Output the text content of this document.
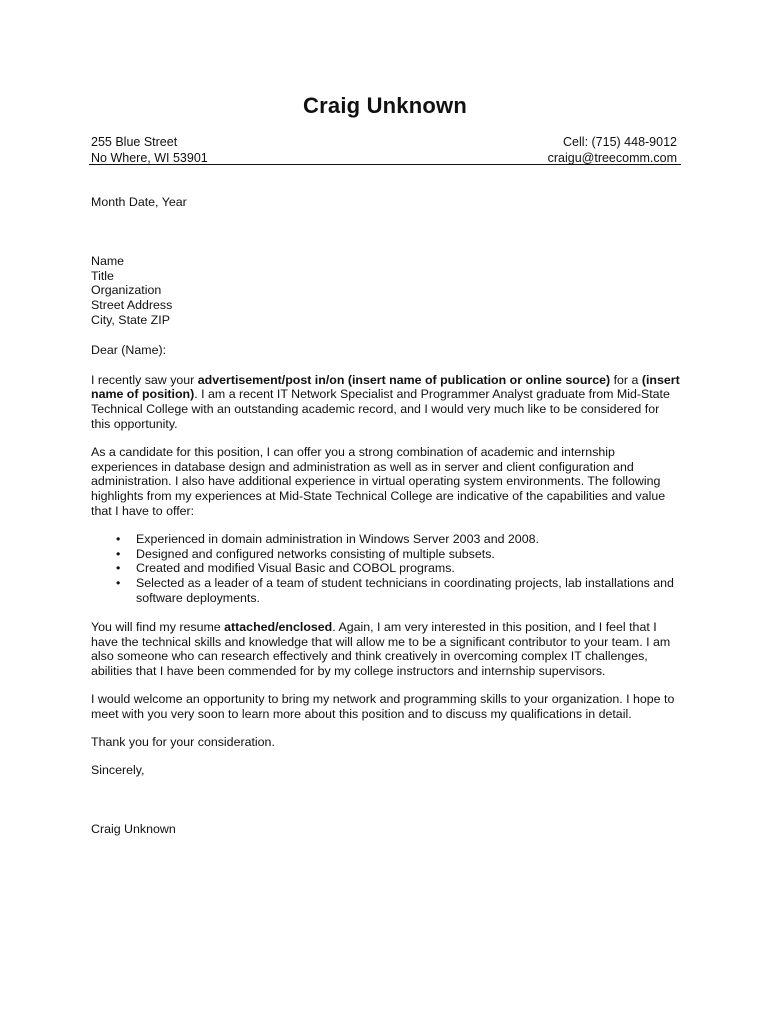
Craig Unknown
255 Blue Street
No Where, WI 53901
Cell: (715) 448-9012
craigu@treecomm.com
Month Date, Year
Name
Title
Organization
Street Address
City, State ZIP
Dear (Name):

I recently saw your advertisement/post in/on (insert name of publication or online source) for a (insert name of position). I am a recent IT Network Specialist and Programmer Analyst graduate from Mid-State Technical College with an outstanding academic record, and I would very much like to be considered for this opportunity.

As a candidate for this position, I can offer you a strong combination of academic and internship experiences in database design and administration as well as in server and client configuration and administration. I also have additional experience in virtual operating system environments. The following highlights from my experiences at Mid-State Technical College are indicative of the capabilities and value that I have to offer:

• Experienced in domain administration in Windows Server 2003 and 2008.
• Designed and configured networks consisting of multiple subsets.
• Created and modified Visual Basic and COBOL programs.
• Selected as a leader of a team of student technicians in coordinating projects, lab installations and software deployments.

You will find my resume attached/enclosed. Again, I am very interested in this position, and I feel that I have the technical skills and knowledge that will allow me to be a significant contributor to your team. I am also someone who can research effectively and think creatively in overcoming complex IT challenges, abilities that I have been commended for by my college instructors and internship supervisors.

I would welcome an opportunity to bring my network and programming skills to your organization. I hope to meet with you very soon to learn more about this position and to discuss my qualifications in detail.

Thank you for your consideration.

Sincerely,
Craig Unknown
